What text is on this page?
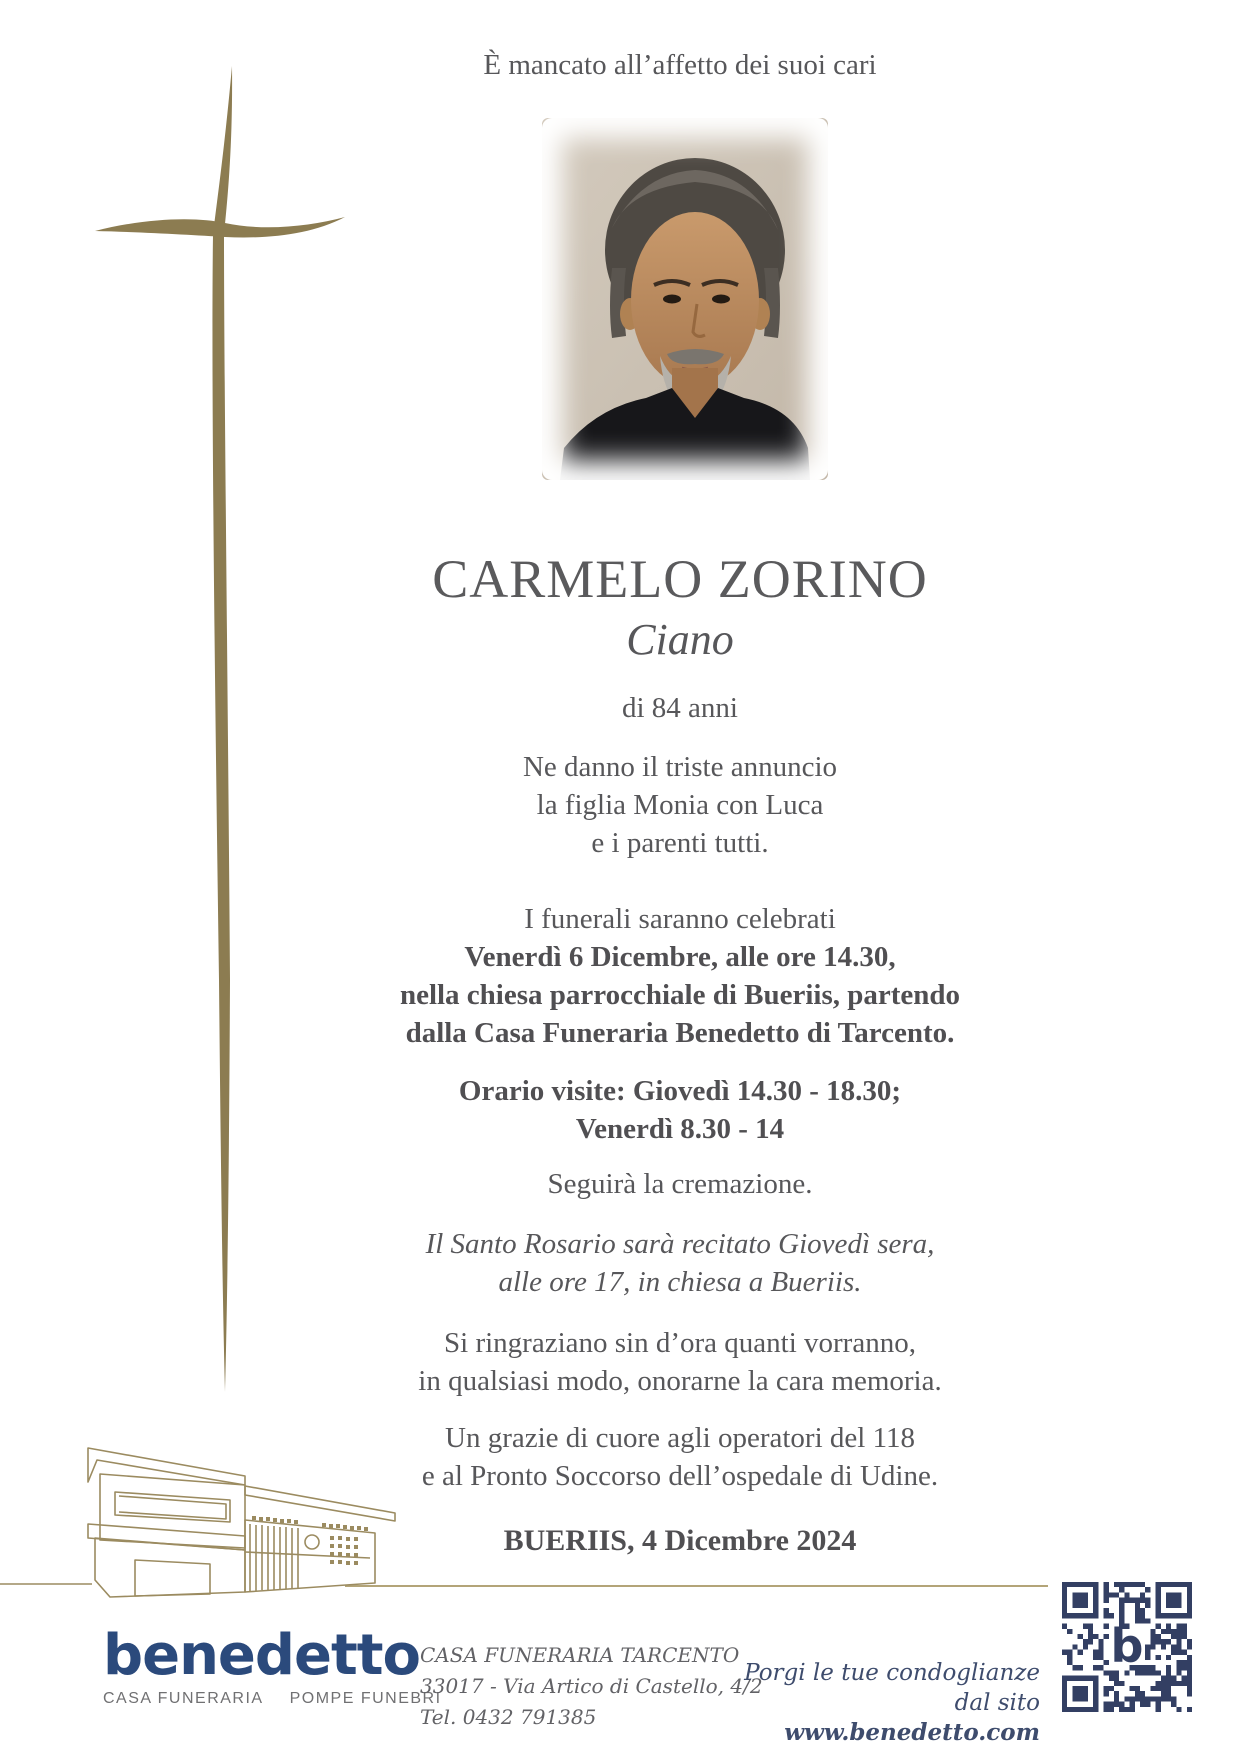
È mancato all’affetto dei suoi cari
CARMELO ZORINO
Ciano
di 84 anni
Ne danno il triste annuncio
la figlia Monia con Luca
e i parenti tutti.
I funerali saranno celebrati
Venerdì 6 Dicembre, alle ore 14.30,
nella chiesa parrocchiale di Bueriis, partendo
dalla Casa Funeraria Benedetto di Tarcento.
Orario visite: Giovedì 14.30 - 18.30;
Venerdì 8.30 - 14
Seguirà la cremazione.
Il Santo Rosario sarà recitato Giovedì sera,
alle ore 17, in chiesa a Bueriis.
Si ringraziano sin d’ora quanti vorranno,
in qualsiasi modo, onorarne la cara memoria.
Un grazie di cuore agli operatori del 118
e al Pronto Soccorso dell’ospedale di Udine.
BUERIIS, 4 Dicembre 2024
benedetto
CASA FUNERARIA POMPE FUNEBRI
CASA FUNERARIA TARCENTO
33017 - Via Artico di Castello, 4/2
Tel. 0432 791385
Porgi le tue condoglianze
dal sito www.benedetto.com
b
